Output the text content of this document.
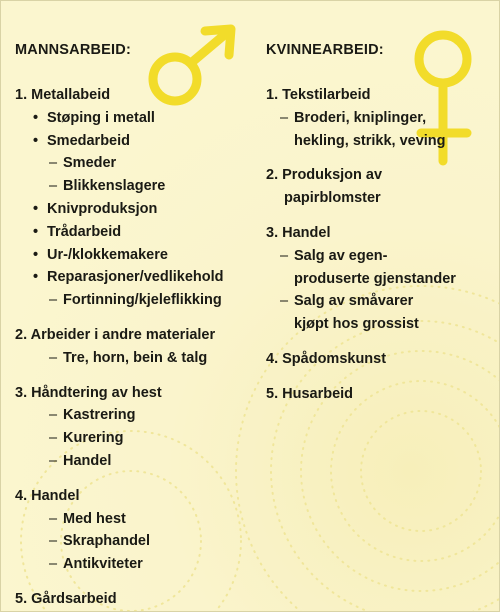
MANNSARBEID:
1. Metallabeid
• Støping i metall
• Smedarbeid
– Smeder
– Blikkenslagere
• Knivproduksjon
• Trådarbeid
• Ur-/klokkemakere
• Reparasjoner/vedlikehold
– Fortinning/kjeleflikking
2. Arbeider i andre materialer
– Tre, horn, bein & talg
3. Håndtering av hest
– Kastrering
– Kurering
– Handel
4. Handel
– Med hest
– Skraphandel
– Antikviteter
5. Gårdsarbeid
KVINNEARBEID:
1. Tekstilarbeid
– Broderi, kniplinger,
hekling, strikk, veving
2. Produksjon av
papirblomster
3. Handel
– Salg av egen-
produserte gjenstander
– Salg av småvarer
kjøpt hos grossist
4. Spådomskunst
5. Husarbeid
